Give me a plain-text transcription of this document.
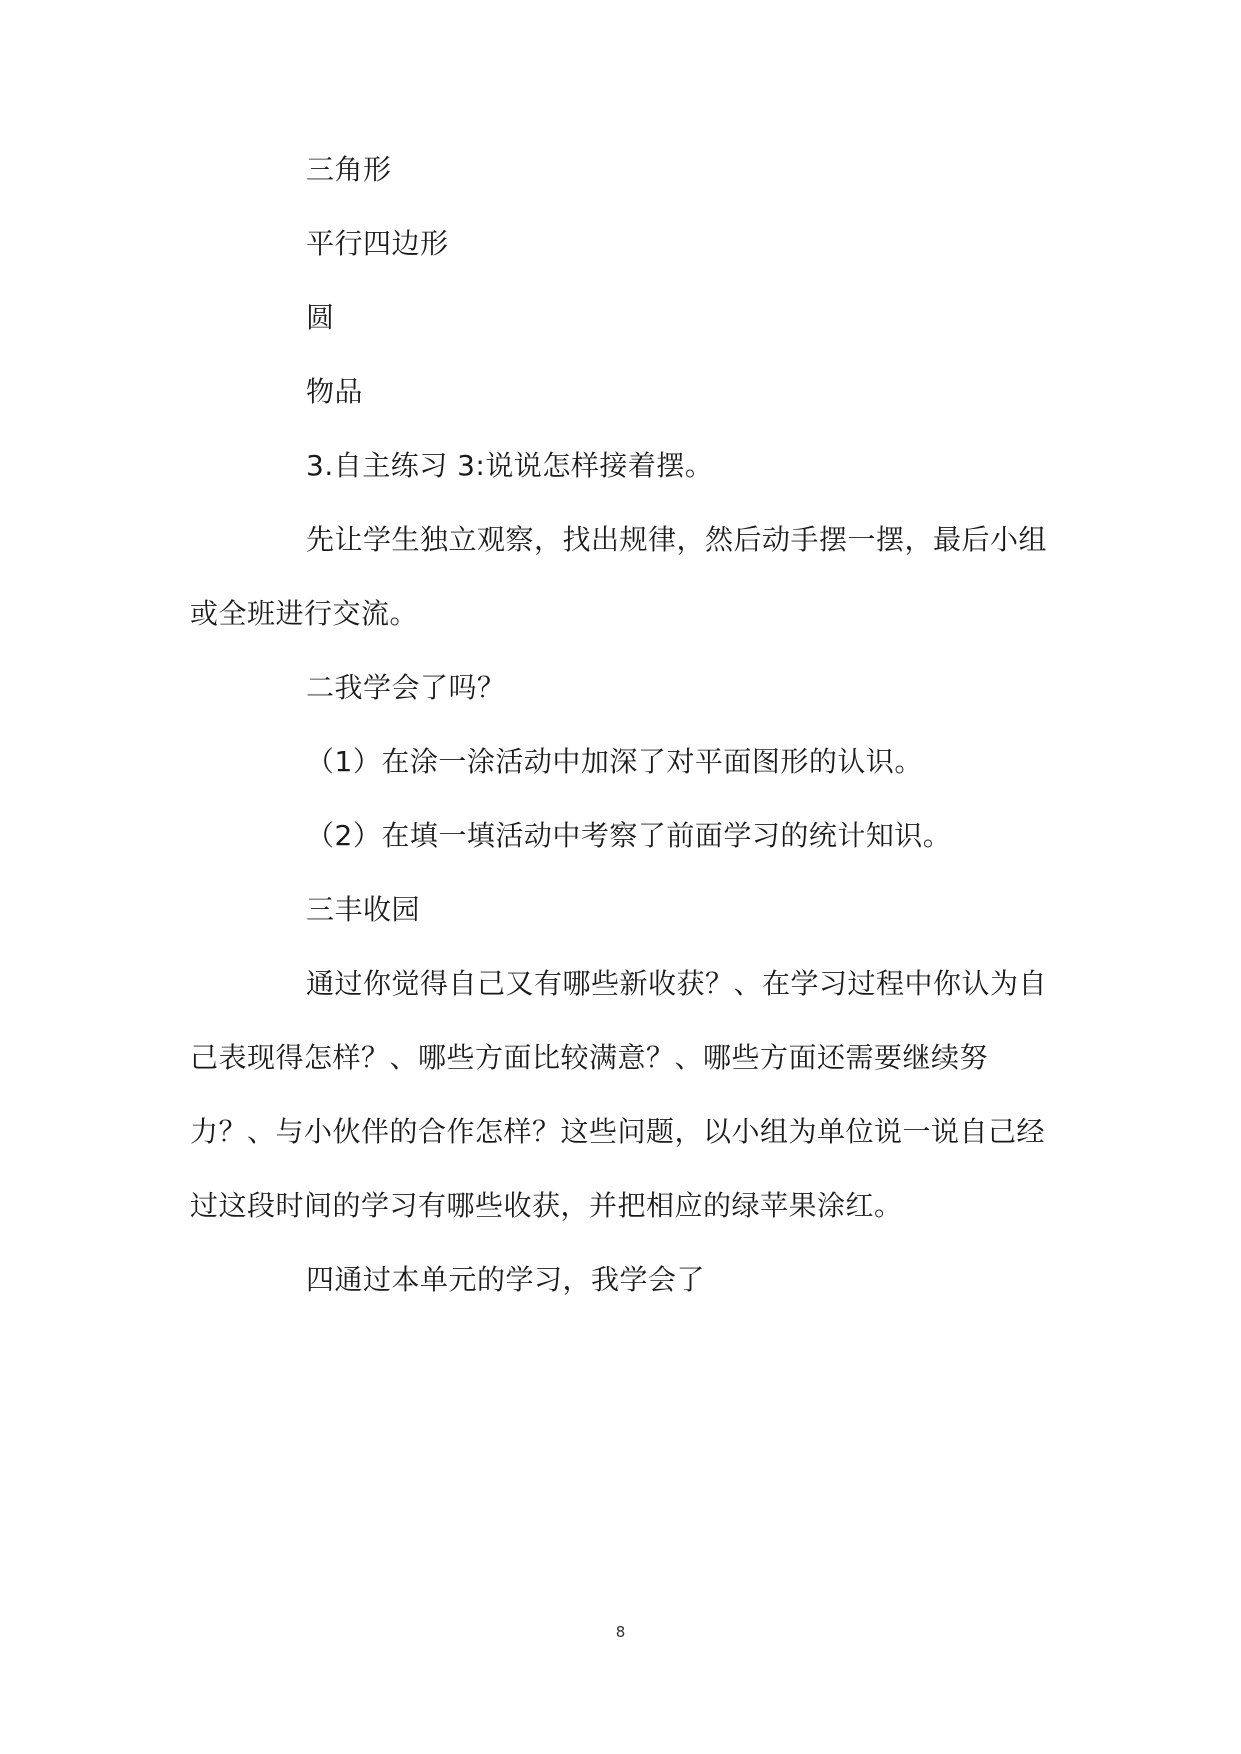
三角形
平行四边形
圆
物品
3.自主练习 3:说说怎样接着摆。
先让学生独立观察，找出规律，然后动手摆一摆，最后小组
或全班进行交流。
二我学会了吗？
（1）在涂一涂活动中加深了对平面图形的认识。
（2）在填一填活动中考察了前面学习的统计知识。
三丰收园
通过你觉得自己又有哪些新收获？、在学习过程中你认为自
己表现得怎样？、哪些方面比较满意？、哪些方面还需要继续努
力？、与小伙伴的合作怎样？这些问题，以小组为单位说一说自己经
过这段时间的学习有哪些收获，并把相应的绿苹果涂红。
四通过本单元的学习，我学会了
8
